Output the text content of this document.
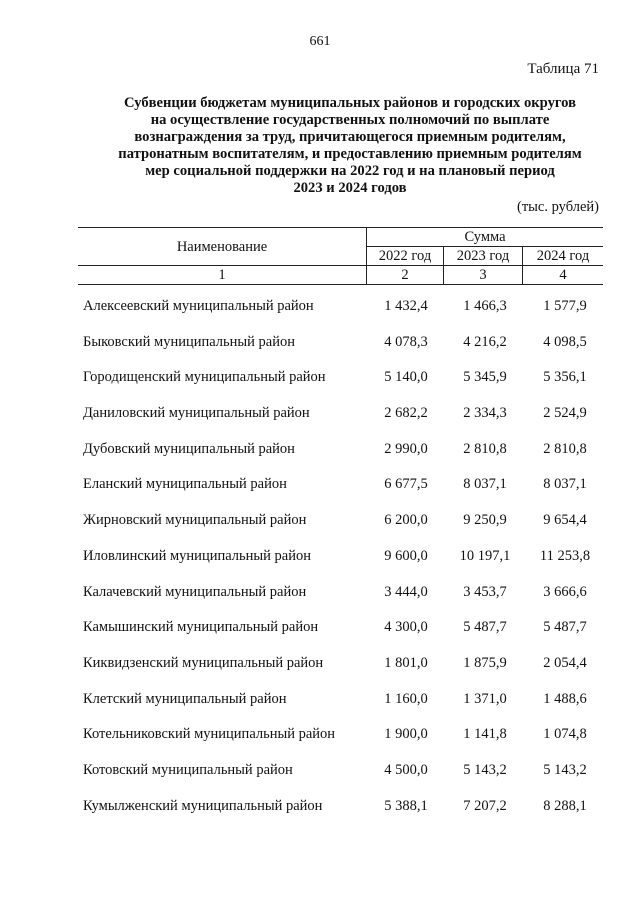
661
Таблица 71
Субвенции бюджетам муниципальных районов и городских округов
на осуществление государственных полномочий по выплате
вознаграждения за труд, причитающегося приемным родителям,
патронатным воспитателям, и предоставлению приемным родителям
мер социальной поддержки на 2022 год и на плановый период
2023 и 2024 годов
(тыс. рублей)
Наименование	Сумма		
	2022 год	2023 год	2024 год
1	2	3	4
Алексеевский муниципальный район	1 432,4	1 466,3	1 577,9
Быковский муниципальный район	4 078,3	4 216,2	4 098,5
Городищенский муниципальный район	5 140,0	5 345,9	5 356,1
Даниловский муниципальный район	2 682,2	2 334,3	2 524,9
Дубовский муниципальный район	2 990,0	2 810,8	2 810,8
Еланский муниципальный район	6 677,5	8 037,1	8 037,1
Жирновский муниципальный район	6 200,0	9 250,9	9 654,4
Иловлинский муниципальный район	9 600,0	10 197,1	11 253,8
Калачевский муниципальный район	3 444,0	3 453,7	3 666,6
Камышинский муниципальный район	4 300,0	5 487,7	5 487,7
Киквидзенский муниципальный район	1 801,0	1 875,9	2 054,4
Клетский муниципальный район	1 160,0	1 371,0	1 488,6
Котельниковский муниципальный район	1 900,0	1 141,8	1 074,8
Котовский муниципальный район	4 500,0	5 143,2	5 143,2
Кумылженский муниципальный район	5 388,1	7 207,2	8 288,1
